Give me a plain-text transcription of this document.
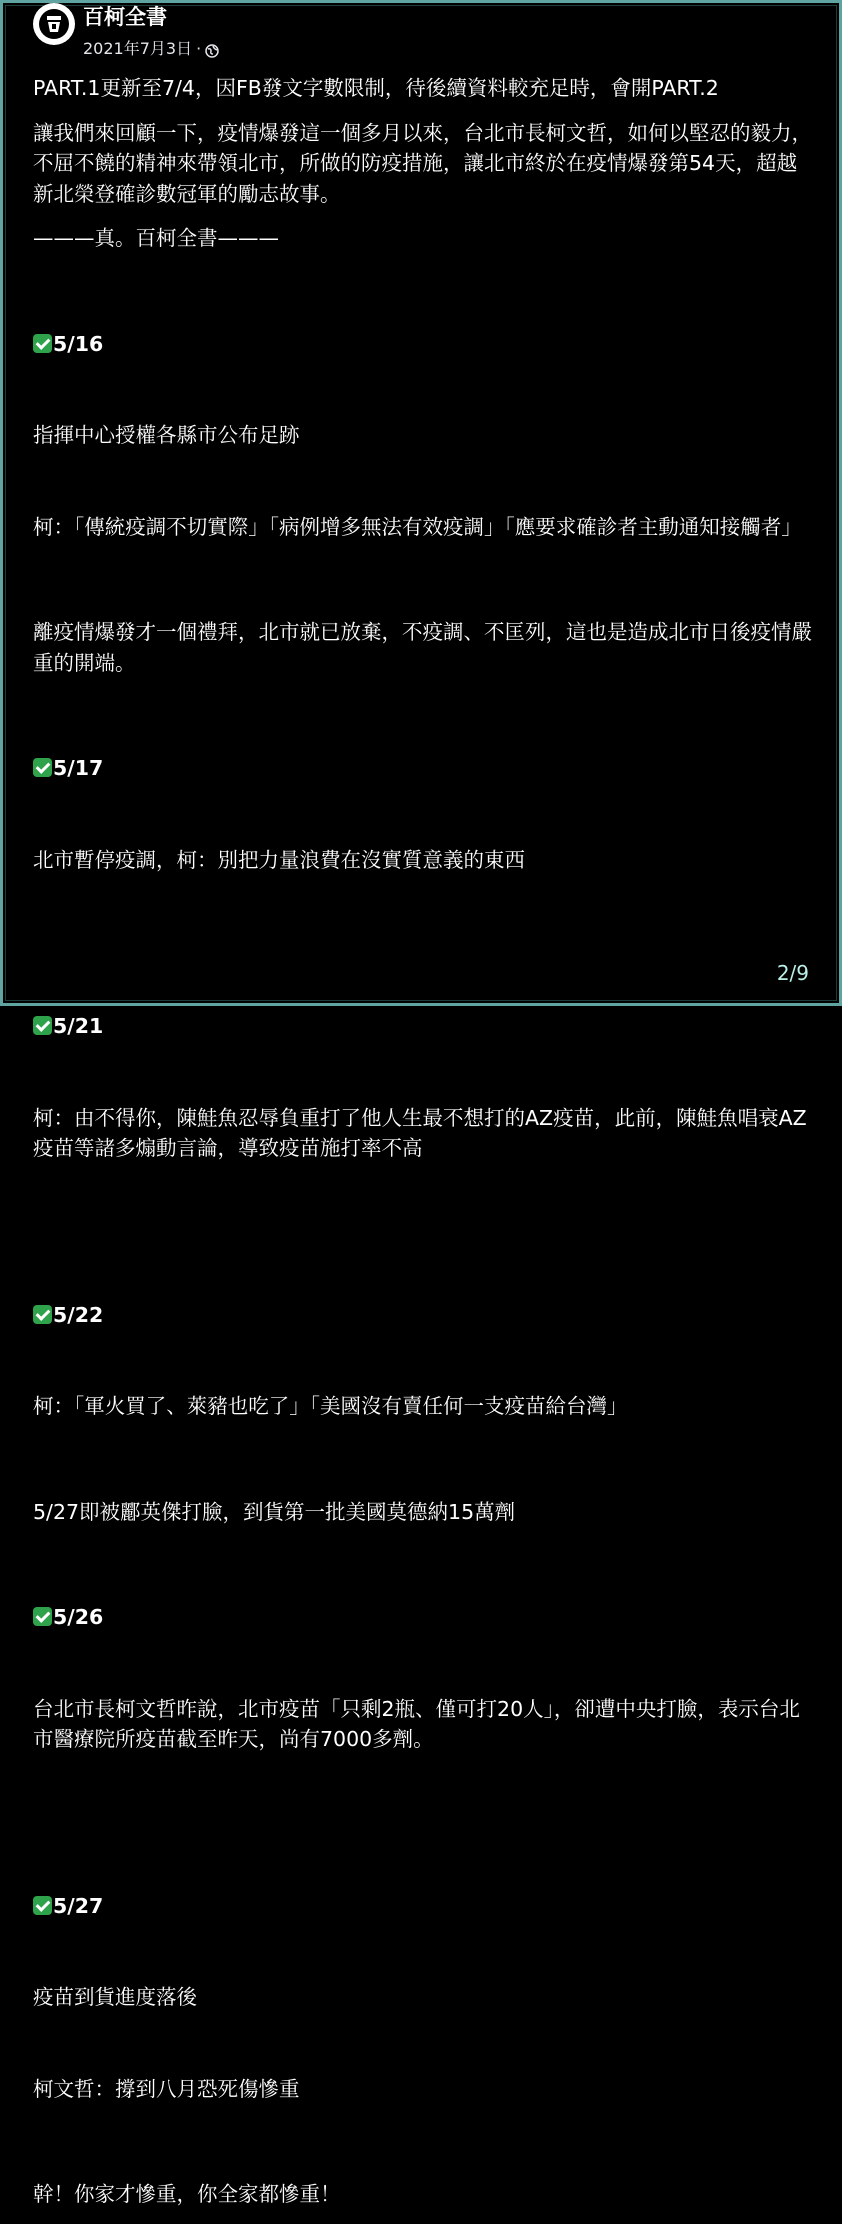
百柯全書
2021年7月3日 ·

PART.1更新至7/4，因FB發文字數限制，待後續資料較充足時，會開PART.2

讓我們來回顧一下，疫情爆發這一個多月以來，台北市長柯文哲，如何以堅忍的毅力，不屈不饒的精神來帶領北市，所做的防疫措施，讓北市終於在疫情爆發第54天，超越新北榮登確診數冠軍的勵志故事。

———真。百柯全書———

5/16

指揮中心授權各縣市公布足跡

柯：「傳統疫調不切實際」「病例增多無法有效疫調」「應要求確診者主動通知接觸者」

離疫情爆發才一個禮拜，北市就已放棄，不疫調、不匡列，這也是造成北市日後疫情嚴重的開端。

5/17

北市暫停疫調，柯：別把力量浪費在沒實質意義的東西

5/21

柯：由不得你，陳鮭魚忍辱負重打了他人生最不想打的AZ疫苗，此前，陳鮭魚唱衰AZ疫苗等諸多煽動言論，導致疫苗施打率不高

5/22

柯：「軍火買了、萊豬也吃了」「美國沒有賣任何一支疫苗給台灣」

5/27即被酈英傑打臉，到貨第一批美國莫德納15萬劑

5/26

台北市長柯文哲昨說，北市疫苗「只剩2瓶、僅可打20人」，卻遭中央打臉，表示台北市醫療院所疫苗截至昨天，尚有7000多劑。

5/27

疫苗到貨進度落後

柯文哲：撐到八月恐死傷慘重

幹！你家才慘重，你全家都慘重！

2/9
